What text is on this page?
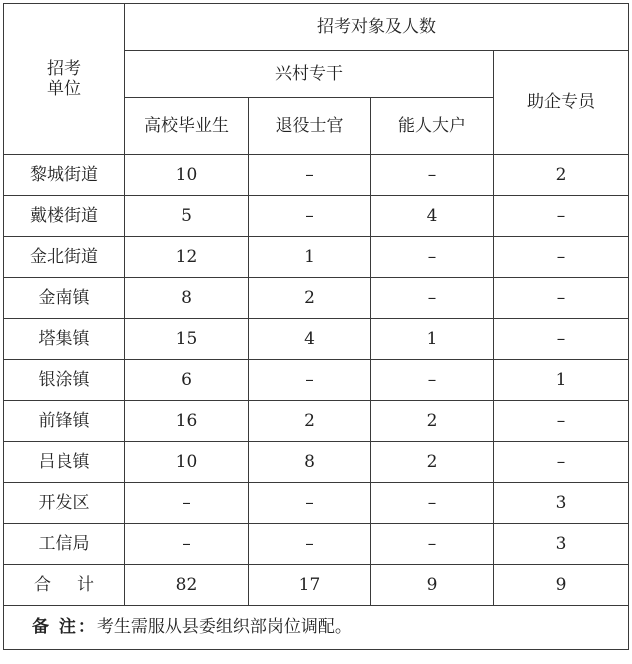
招考
单位	招考对象及人数			
	兴村专干			助企专员
	高校毕业生	退役士官	能人大户	
黎城街道	10	–	–	2
戴楼街道	5	–	4	–
金北街道	12	1	–	–
金南镇	8	2	–	–
塔集镇	15	4	1	–
银涂镇	6	–	–	1
前锋镇	16	2	2	–
吕良镇	10	8	2	–
开发区	–	–	–	3
工信局	–	–	–	3
合计	82	17	9	9
备 注：考生需服从县委组织部岗位调配。				
